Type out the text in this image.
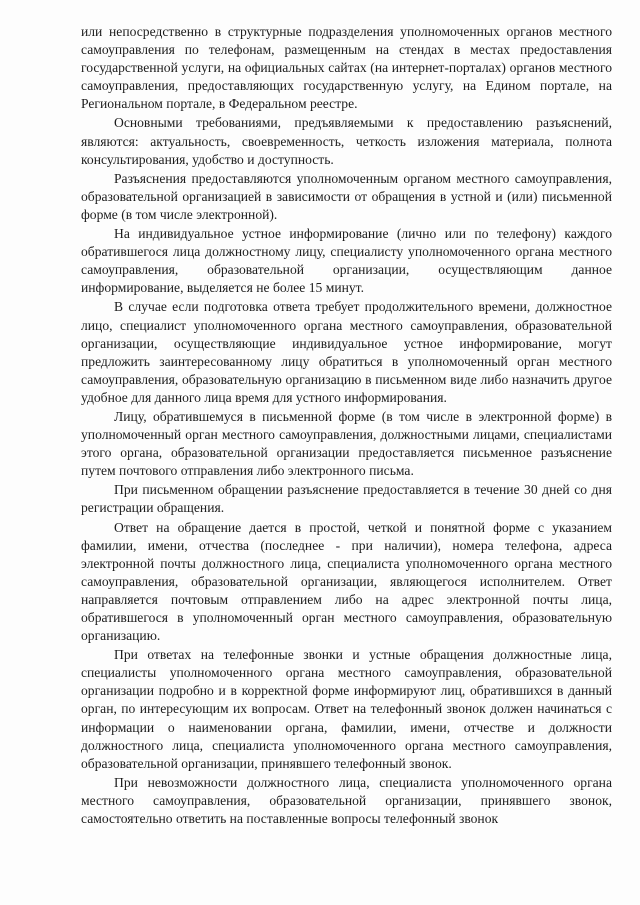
или непосредственно в структурные подразделения уполномоченных органов местного самоуправления по телефонам, размещенным на стендах в местах предоставления государственной услуги, на официальных сайтах (на интернет-порталах) органов местного самоуправления, предоставляющих государственную услугу, на Едином портале, на Региональном портале, в Федеральном реестре.

Основными требованиями, предъявляемыми к предоставлению разъяснений, являются: актуальность, своевременность, четкость изложения материала, полнота консультирования, удобство и доступность.

Разъяснения предоставляются уполномоченным органом местного самоуправления, образовательной организацией в зависимости от обращения в устной и (или) письменной форме (в том числе электронной).

На индивидуальное устное информирование (лично или по телефону) каждого обратившегося лица должностному лицу, специалисту уполномоченного органа местного самоуправления, образовательной организации, осуществляющим данное информирование, выделяется не более 15 минут.

В случае если подготовка ответа требует продолжительного времени, должностное лицо, специалист уполномоченного органа местного самоуправления, образовательной организации, осуществляющие индивидуальное устное информирование, могут предложить заинтересованному лицу обратиться в уполномоченный орган местного самоуправления, образовательную организацию в письменном виде либо назначить другое удобное для данного лица время для устного информирования.

Лицу, обратившемуся в письменной форме (в том числе в электронной форме) в уполномоченный орган местного самоуправления, должностными лицами, специалистами этого органа, образовательной организации предоставляется письменное разъяснение путем почтового отправления либо электронного письма.

При письменном обращении разъяснение предоставляется в течение 30 дней со дня регистрации обращения.

Ответ на обращение дается в простой, четкой и понятной форме с указанием фамилии, имени, отчества (последнее - при наличии), номера телефона, адреса электронной почты должностного лица, специалиста уполномоченного органа местного самоуправления, образовательной организации, являющегося исполнителем. Ответ направляется почтовым отправлением либо на адрес электронной почты лица, обратившегося в уполномоченный орган местного самоуправления, образовательную организацию.

При ответах на телефонные звонки и устные обращения должностные лица, специалисты уполномоченного органа местного самоуправления, образовательной организации подробно и в корректной форме информируют лиц, обратившихся в данный орган, по интересующим их вопросам. Ответ на телефонный звонок должен начинаться с информации о наименовании органа, фамилии, имени, отчестве и должности должностного лица, специалиста уполномоченного органа местного самоуправления, образовательной организации, принявшего телефонный звонок.

При невозможности должностного лица, специалиста уполномоченного органа местного самоуправления, образовательной организации, принявшего звонок, самостоятельно ответить на поставленные вопросы телефонный звонок
